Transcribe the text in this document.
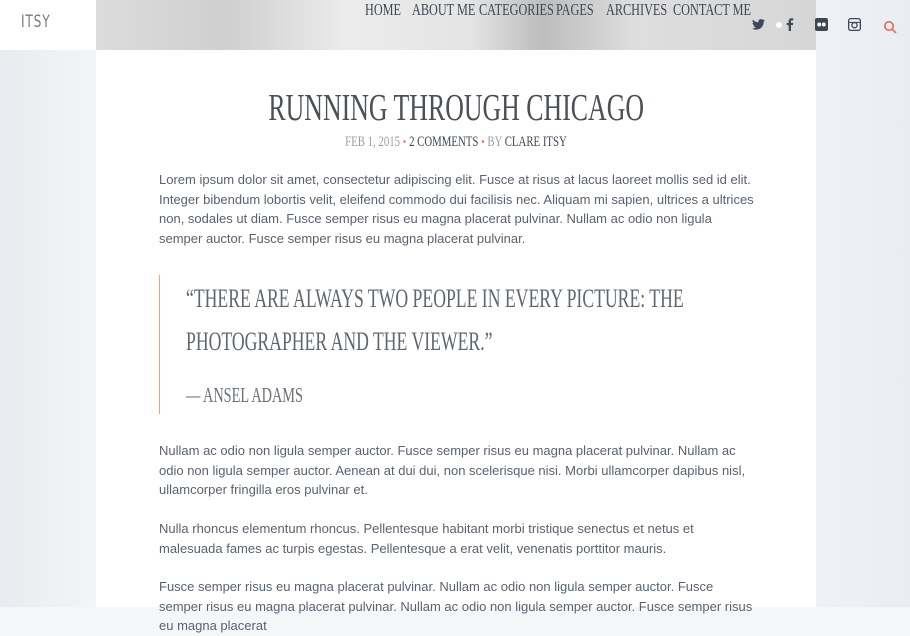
ITSY
HOME ABOUT ME CATEGORIES PAGES ARCHIVES CONTACT ME
RUNNING THROUGH CHICAGO
FEB 1, 2015 • 2 COMMENTS • BY CLARE ITSY

Lorem ipsum dolor sit amet, consectetur adipiscing elit. Fusce at risus at lacus laoreet mollis sed id elit. Integer bibendum lobortis velit, eleifend commodo dui facilisis nec. Aliquam mi sapien, ultrices a ultrices non, sodales ut diam. Fusce semper risus eu magna placerat pulvinar. Nullam ac odio non ligula semper auctor. Fusce semper risus eu magna placerat pulvinar.

“THERE ARE ALWAYS TWO PEOPLE IN EVERY PICTURE: THE PHOTOGRAPHER AND THE VIEWER.”
— ANSEL ADAMS

Nullam ac odio non ligula semper auctor. Fusce semper risus eu magna placerat pulvinar. Nullam ac odio non ligula semper auctor. Aenean at dui dui, non scelerisque nisi. Morbi ullamcorper dapibus nisl, ullamcorper fringilla eros pulvinar et.

Nulla rhoncus elementum rhoncus. Pellentesque habitant morbi tristique senectus et netus et malesuada fames ac turpis egestas. Pellentesque a erat velit, venenatis porttitor mauris.

Fusce semper risus eu magna placerat pulvinar. Nullam ac odio non ligula semper auctor. Fusce semper risus eu magna placerat pulvinar. Nullam ac odio non ligula semper auctor. Fusce semper risus eu magna placerat
